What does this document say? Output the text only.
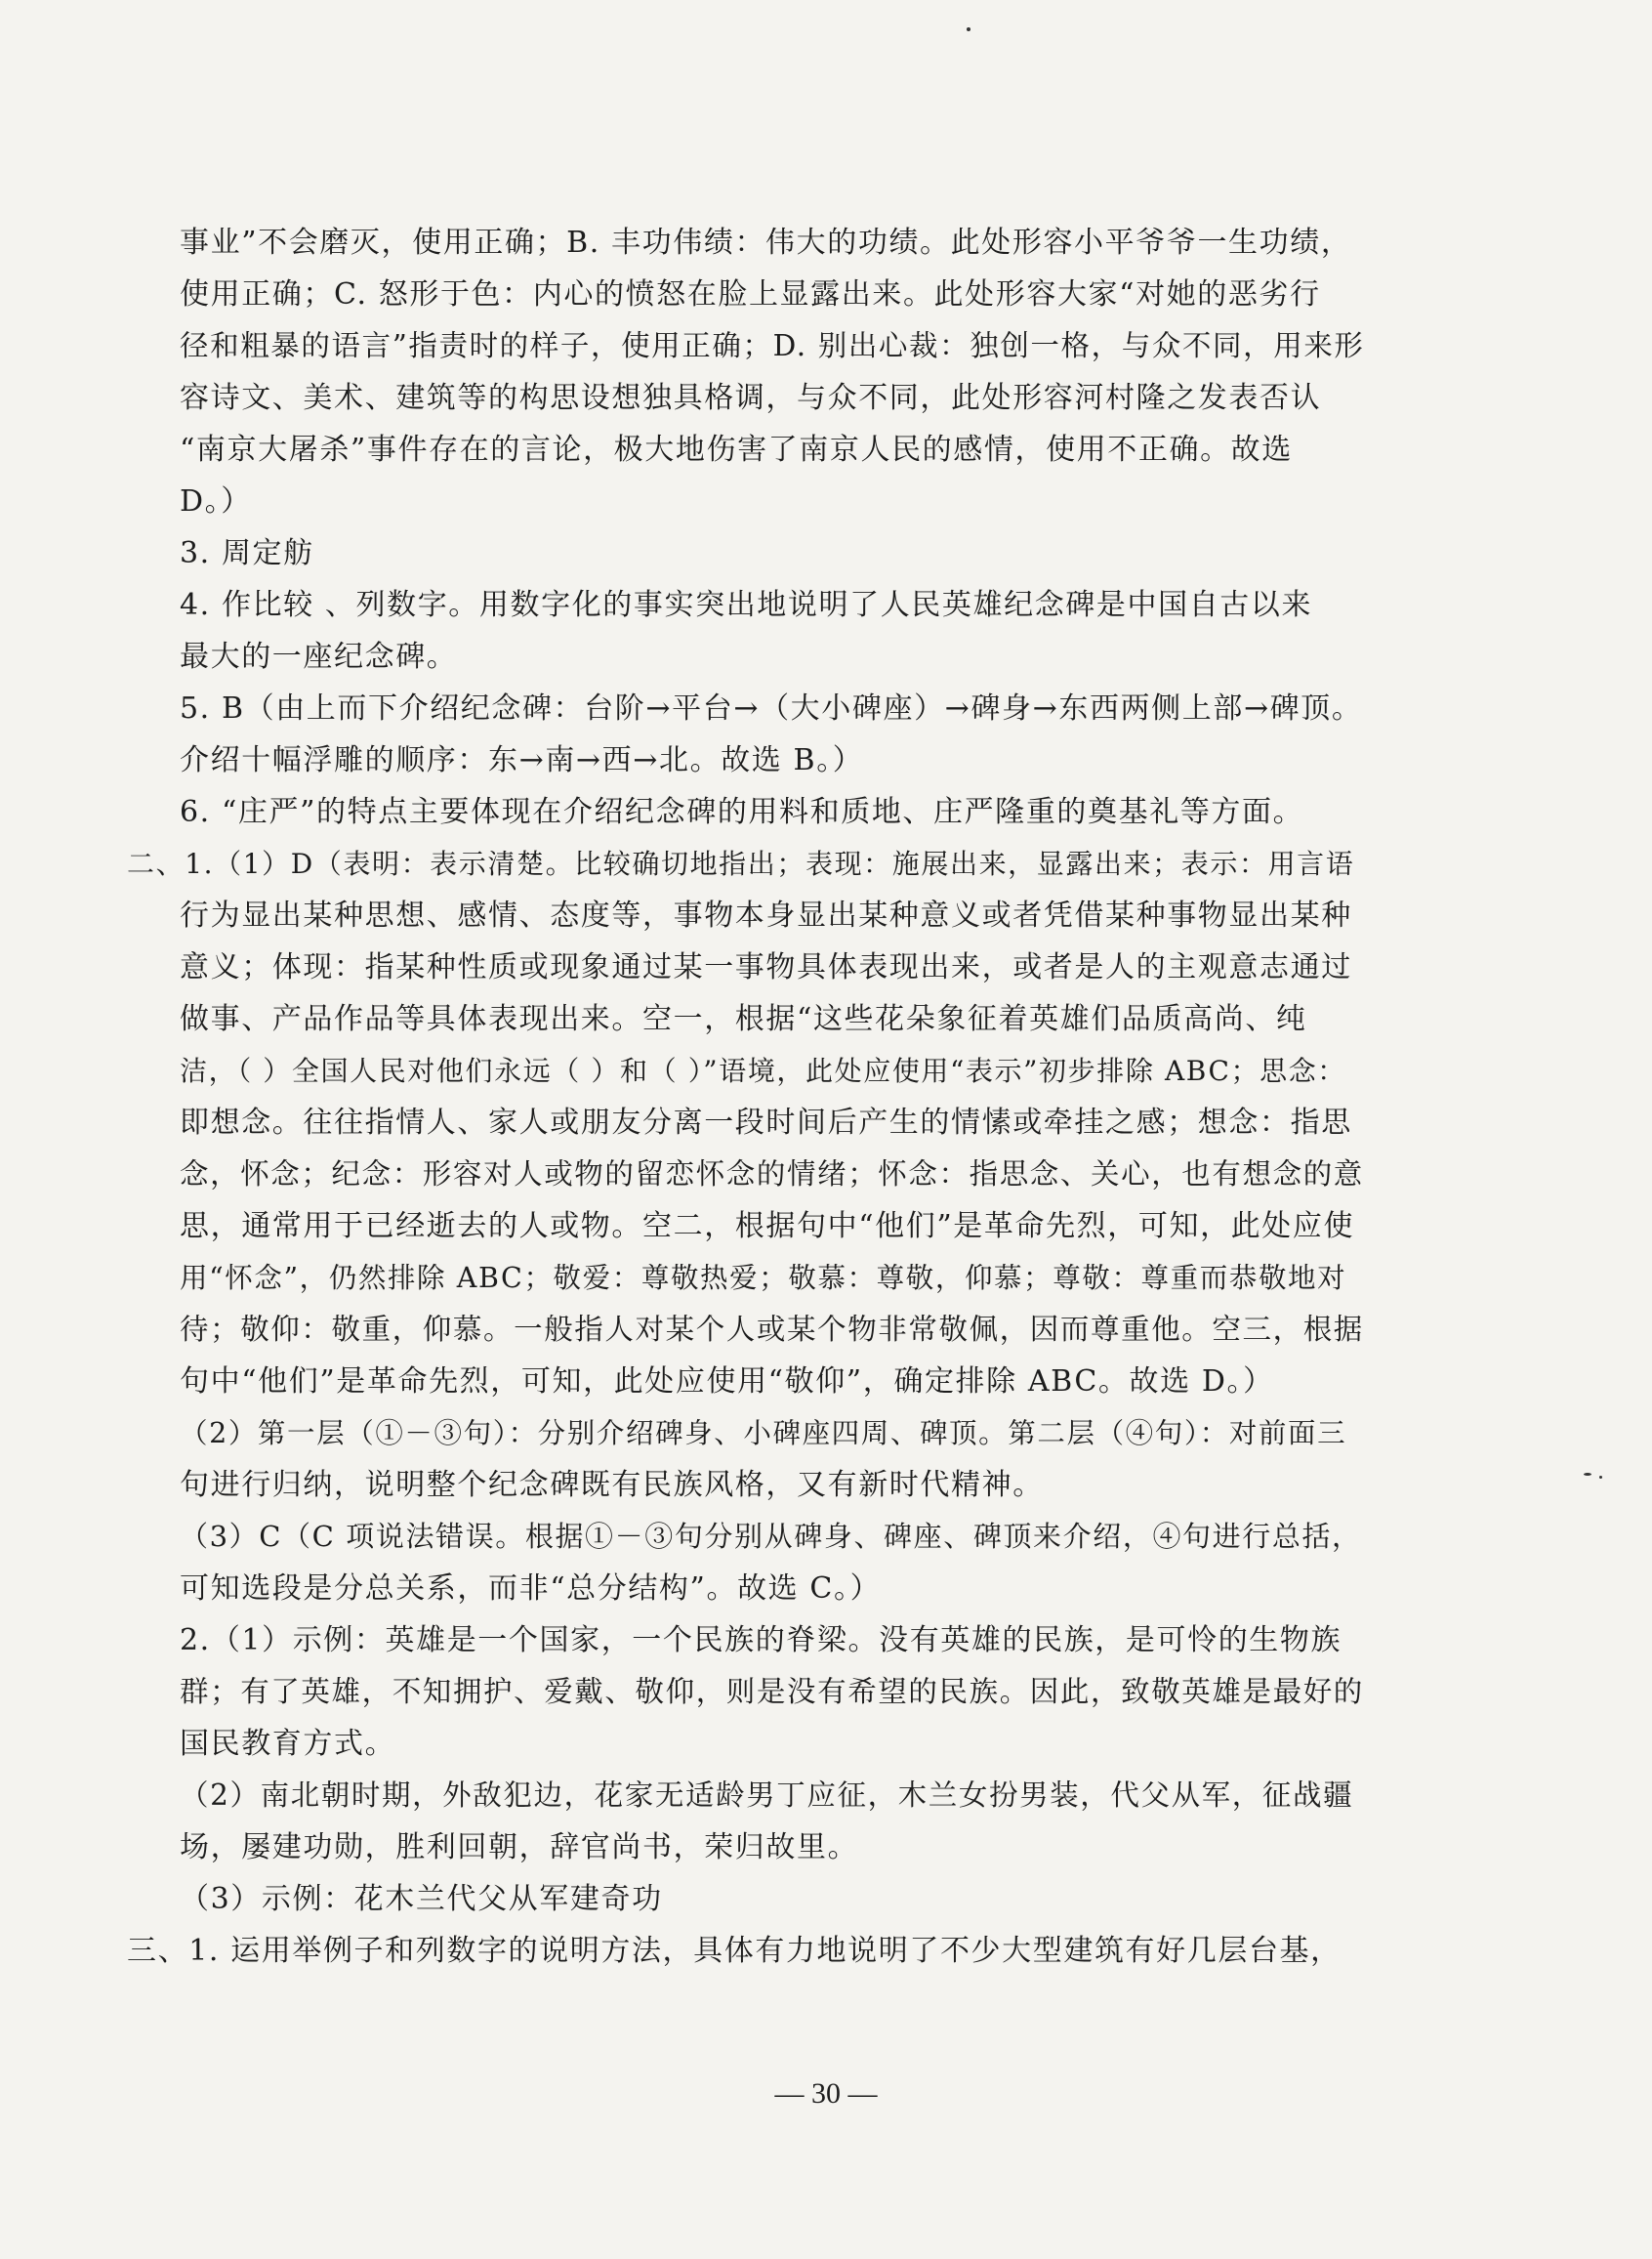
事业”不会磨灭，使用正确；B. 丰功伟绩：伟大的功绩。此处形容小平爷爷一生功绩，
使用正确；C. 怒形于色：内心的愤怒在脸上显露出来。此处形容大家“对她的恶劣行
径和粗暴的语言”指责时的样子，使用正确；D. 别出心裁：独创一格，与众不同，用来形
容诗文、美术、建筑等的构思设想独具格调，与众不同，此处形容河村隆之发表否认
“南京大屠杀”事件存在的言论，极大地伤害了南京人民的感情，使用不正确。故选
D。）
3. 周定舫
4. 作比较 、列数字。用数字化的事实突出地说明了人民英雄纪念碑是中国自古以来
最大的一座纪念碑。
5. B（由上而下介绍纪念碑：台阶→平台→（大小碑座）→碑身→东西两侧上部→碑顶。
介绍十幅浮雕的顺序：东→南→西→北。故选 B。）
6. “庄严”的特点主要体现在介绍纪念碑的用料和质地、庄严隆重的奠基礼等方面。
二、1.（1）D（表明：表示清楚。比较确切地指出；表现：施展出来，显露出来；表示：用言语
行为显出某种思想、感情、态度等，事物本身显出某种意义或者凭借某种事物显出某种
意义；体现：指某种性质或现象通过某一事物具体表现出来，或者是人的主观意志通过
做事、产品作品等具体表现出来。空一，根据“这些花朵象征着英雄们品质高尚、纯
洁，（ ）全国人民对他们永远（ ）和（ ）”语境，此处应使用“表示”初步排除 ABC；思念：
即想念。往往指情人、家人或朋友分离一段时间后产生的情愫或牵挂之感；想念：指思
念，怀念；纪念：形容对人或物的留恋怀念的情绪；怀念：指思念、关心，也有想念的意
思，通常用于已经逝去的人或物。空二，根据句中“他们”是革命先烈，可知，此处应使
用“怀念”，仍然排除 ABC；敬爱：尊敬热爱；敬慕：尊敬，仰慕；尊敬：尊重而恭敬地对
待；敬仰：敬重，仰慕。一般指人对某个人或某个物非常敬佩，因而尊重他。空三，根据
句中“他们”是革命先烈，可知，此处应使用“敬仰”，确定排除 ABC。故选 D。）
（2）第一层（①－③句）：分别介绍碑身、小碑座四周、碑顶。第二层（④句）：对前面三
句进行归纳，说明整个纪念碑既有民族风格，又有新时代精神。
（3）C（C 项说法错误。根据①－③句分别从碑身、碑座、碑顶来介绍，④句进行总括，
可知选段是分总关系，而非“总分结构”。故选 C。）
2.（1）示例：英雄是一个国家，一个民族的脊梁。没有英雄的民族，是可怜的生物族
群；有了英雄，不知拥护、爱戴、敬仰，则是没有希望的民族。因此，致敬英雄是最好的
国民教育方式。
（2）南北朝时期，外敌犯边，花家无适龄男丁应征，木兰女扮男装，代父从军，征战疆
场，屡建功勋，胜利回朝，辞官尚书，荣归故里。
（3）示例：花木兰代父从军建奇功
三、1. 运用举例子和列数字的说明方法，具体有力地说明了不少大型建筑有好几层台基，
— 30 —
